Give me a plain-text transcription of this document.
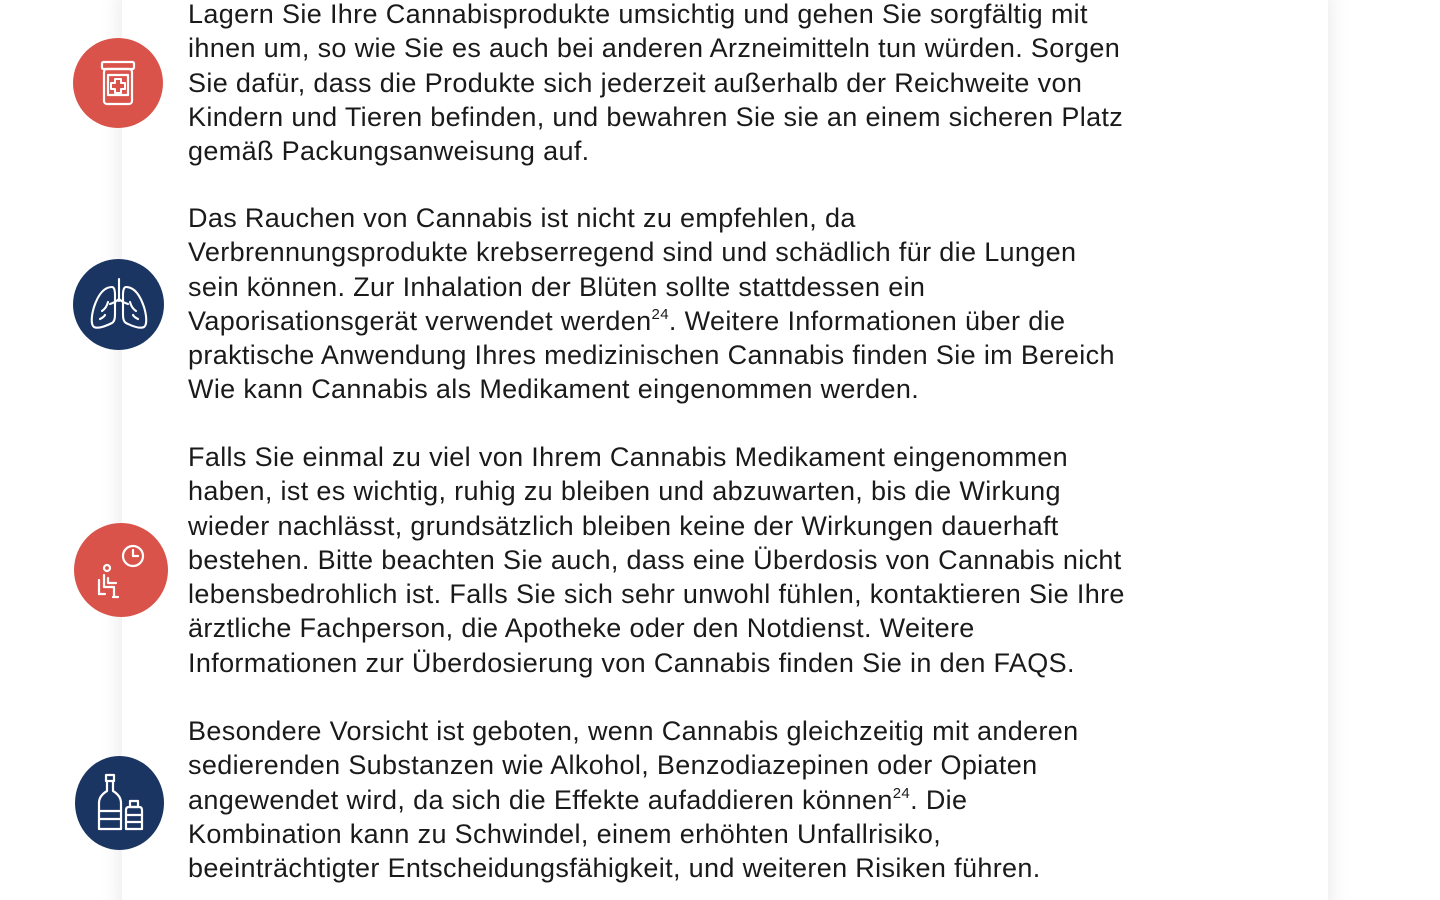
Lagern Sie Ihre Cannabisprodukte umsichtig und gehen Sie sorgfältig mit
ihnen um, so wie Sie es auch bei anderen Arzneimitteln tun würden. Sorgen
Sie dafür, dass die Produkte sich jederzeit außerhalb der Reichweite von
Kindern und Tieren befinden, und bewahren Sie sie an einem sicheren Platz
gemäß Packungsanweisung auf.

Das Rauchen von Cannabis ist nicht zu empfehlen, da
Verbrennungsprodukte krebserregend sind und schädlich für die Lungen
sein können. Zur Inhalation der Blüten sollte stattdessen ein
Vaporisationsgerät verwendet werden$^{24}$. Weitere Informationen über die
praktische Anwendung Ihres medizinischen Cannabis finden Sie im Bereich
Wie kann Cannabis als Medikament eingenommen werden.

Falls Sie einmal zu viel von Ihrem Cannabis Medikament eingenommen
haben, ist es wichtig, ruhig zu bleiben und abzuwarten, bis die Wirkung
wieder nachlässt, grundsätzlich bleiben keine der Wirkungen dauerhaft
bestehen. Bitte beachten Sie auch, dass eine Überdosis von Cannabis nicht
lebensbedrohlich ist. Falls Sie sich sehr unwohl fühlen, kontaktieren Sie Ihre
ärztliche Fachperson, die Apotheke oder den Notdienst. Weitere
Informationen zur Überdosierung von Cannabis finden Sie in den FAQS.

Besondere Vorsicht ist geboten, wenn Cannabis gleichzeitig mit anderen
sedierenden Substanzen wie Alkohol, Benzodiazepinen oder Opiaten
angewendet wird, da sich die Effekte aufaddieren können$^{24}$. Die
Kombination kann zu Schwindel, einem erhöhten Unfallrisiko,
beeinträchtigter Entscheidungsfähigkeit, und weiteren Risiken führen.
